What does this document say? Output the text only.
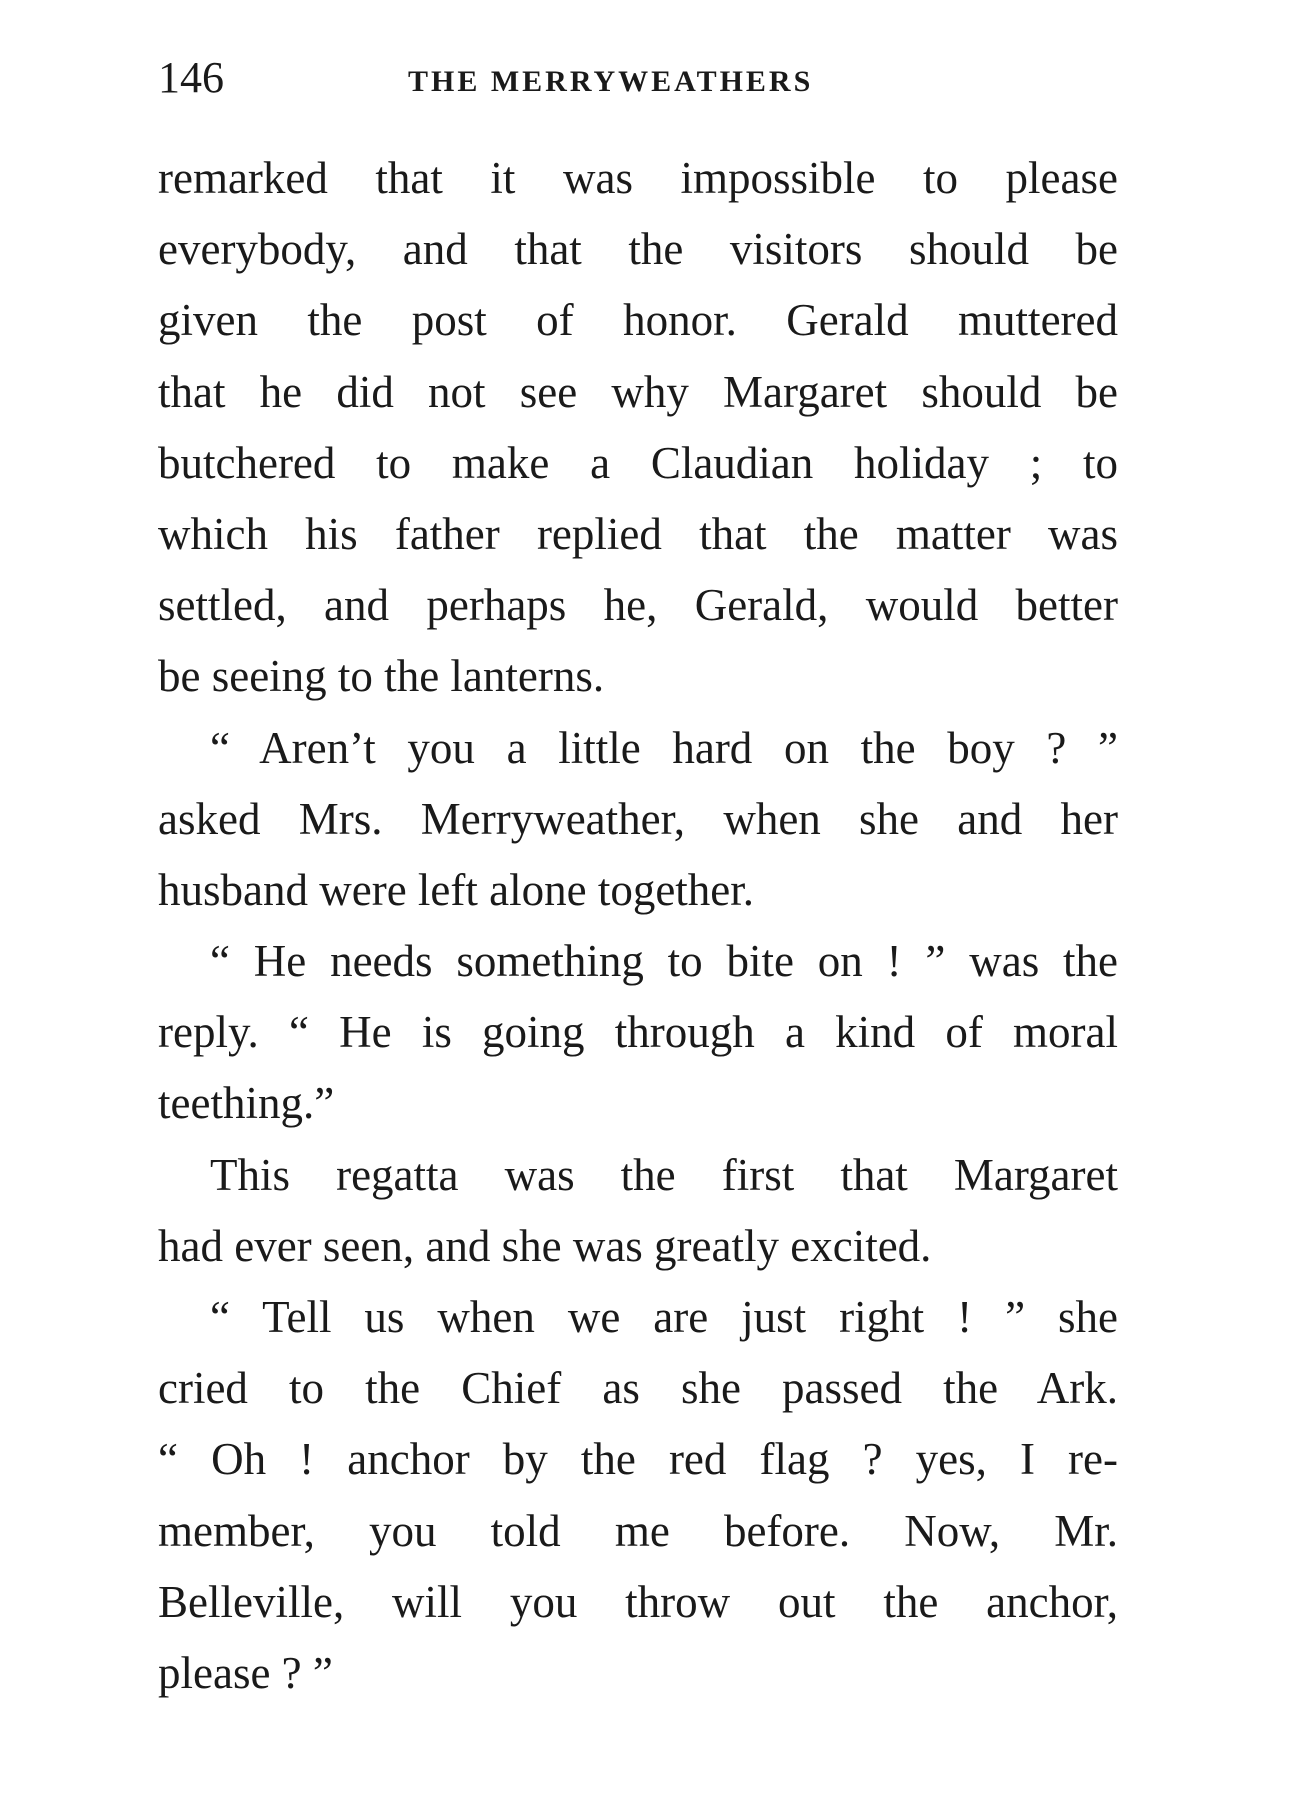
146	THE MERRYWEATHERS
remarked that it was impossible to please
everybody, and that the visitors should be
given the post of honor. Gerald muttered
that he did not see why Margaret should be
butchered to make a Claudian holiday ; to
which his father replied that the matter was
settled, and perhaps he, Gerald, would better
be seeing to the lanterns.
“ Aren’t you a little hard on the boy ? ”
asked Mrs. Merryweather, when she and her
husband were left alone together.
“ He needs something to bite on ! ” was the
reply. “ He is going through a kind of moral
teething.”
This regatta was the first that Margaret
had ever seen, and she was greatly excited.
“ Tell us when we are just right ! ” she
cried to the Chief as she passed the Ark.
“ Oh ! anchor by the red flag ? yes, I re-
member, you told me before. Now, Mr.
Belleville, will you throw out the anchor,
please ? ”
